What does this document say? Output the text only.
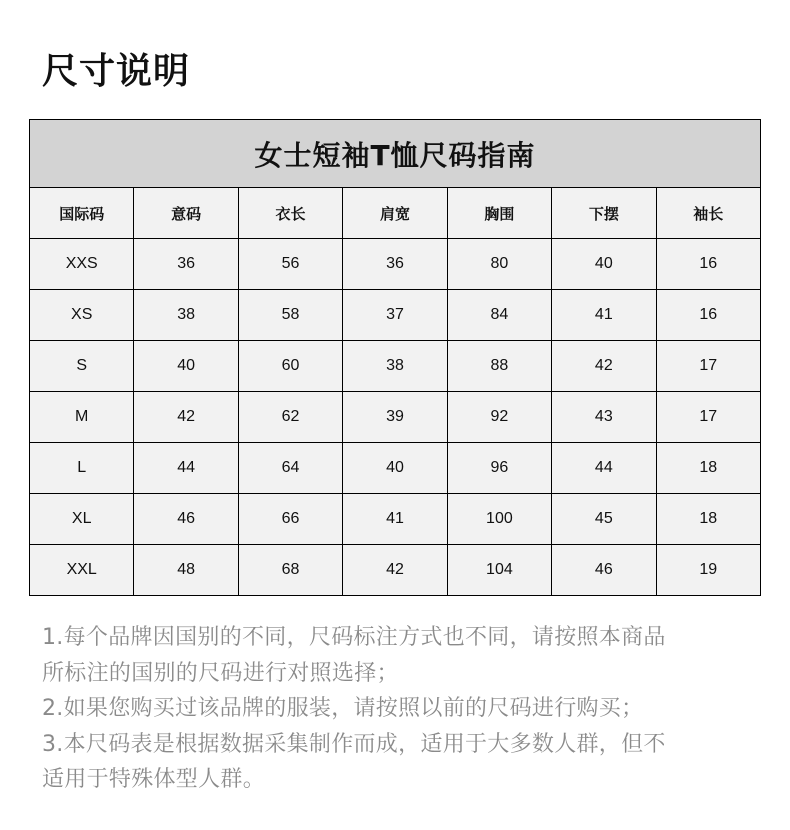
尺寸说明
女士短袖T恤尺码指南						
国际码	意码	衣长	肩宽	胸围	下摆	袖长
XXS	36	56	36	80	40	16
XS	38	58	37	84	41	16
S	40	60	38	88	42	17
M	42	62	39	92	43	17
L	44	64	40	96	44	18
XL	46	66	41	100	45	18
XXL	48	68	42	104	46	19
1.每个品牌因国别的不同，尺码标注方式也不同，请按照本商品
所标注的国别的尺码进行对照选择；
2.如果您购买过该品牌的服装，请按照以前的尺码进行购买；
3.本尺码表是根据数据采集制作而成，适用于大多数人群，但不
适用于特殊体型人群。
